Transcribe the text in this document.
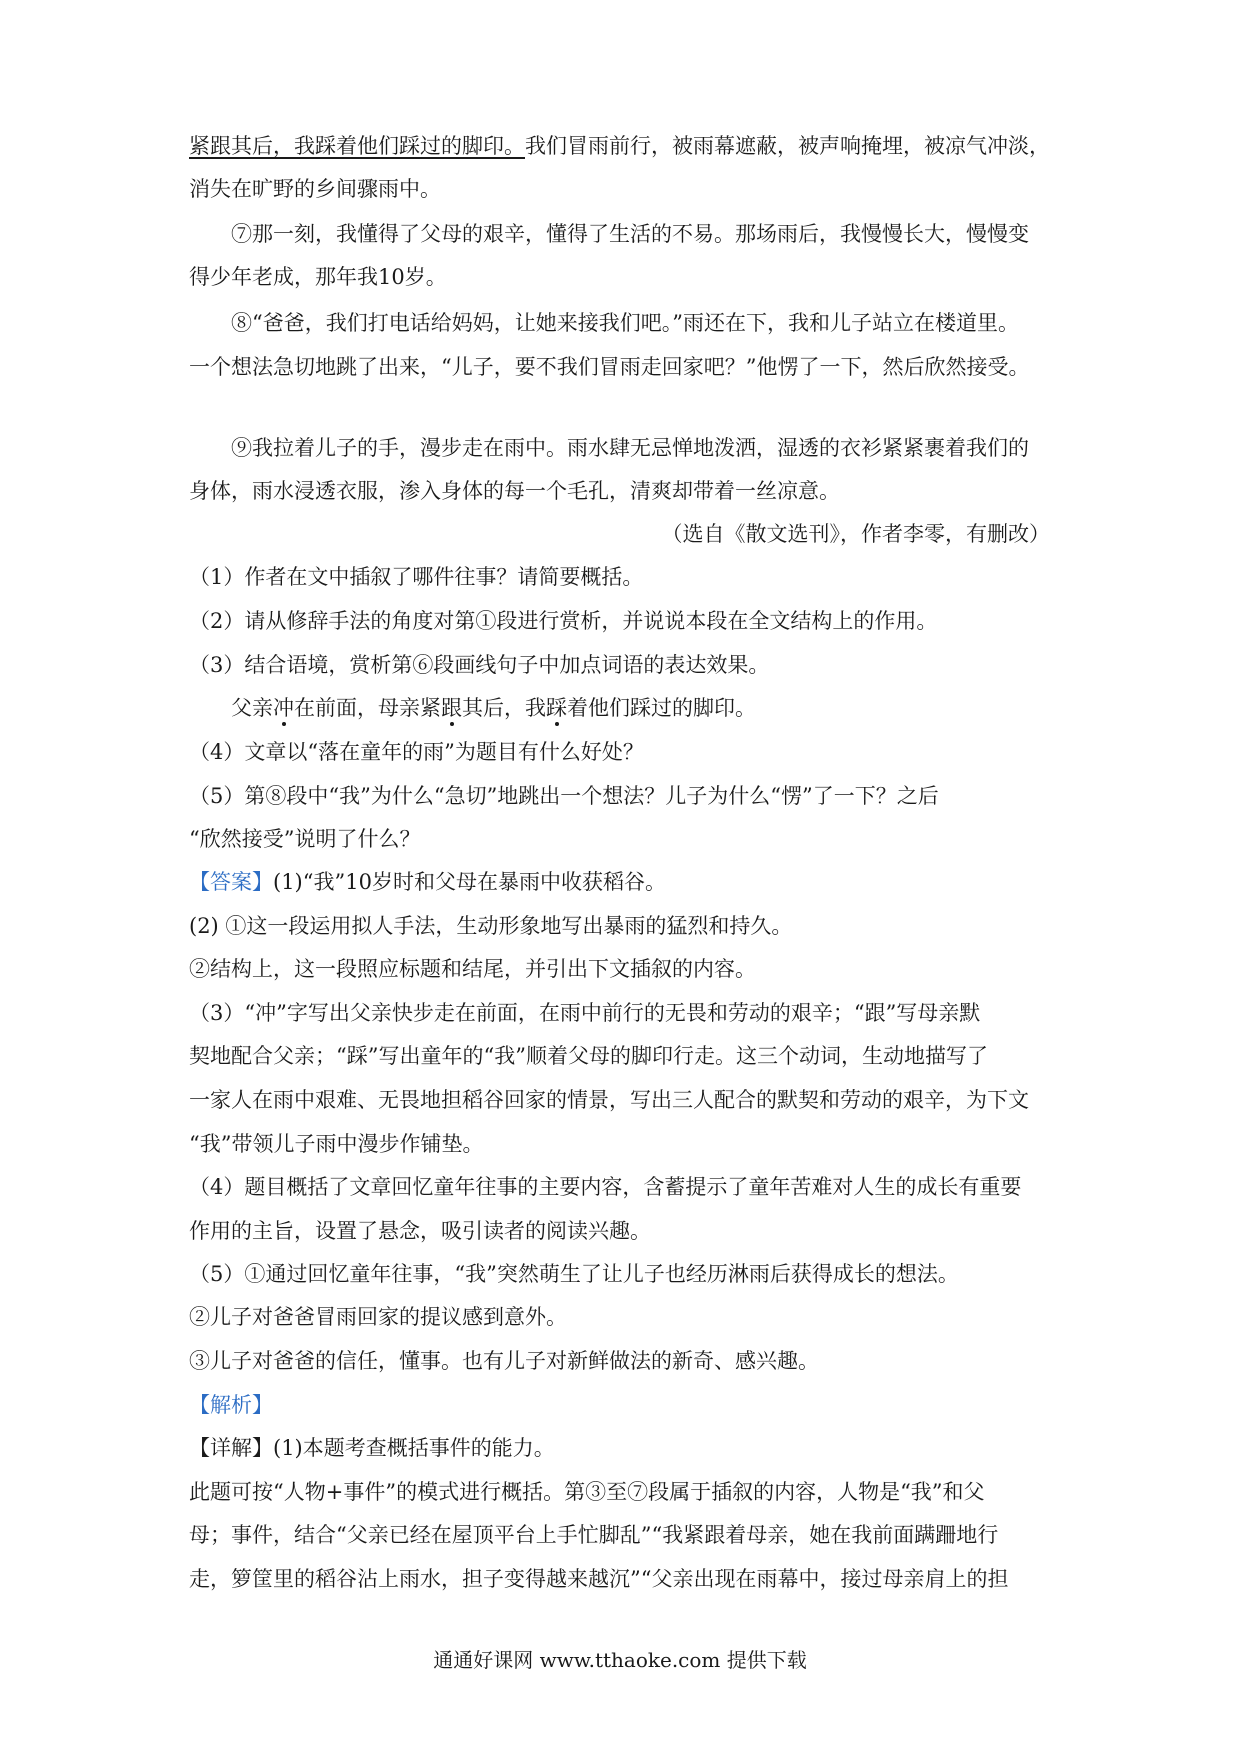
紧跟其后，我踩着他们踩过的脚印。我们冒雨前行，被雨幕遮蔽，被声响掩埋，被凉气冲淡，
消失在旷野的乡间骤雨中。
⑦那一刻，我懂得了父母的艰辛，懂得了生活的不易。那场雨后，我慢慢长大，慢慢变
得少年老成，那年我10岁。
⑧“爸爸，我们打电话给妈妈，让她来接我们吧。”雨还在下，我和儿子站立在楼道里。
一个想法急切地跳了出来，“儿子，要不我们冒雨走回家吧？”他愣了一下，然后欣然接受。
⑨我拉着儿子的手，漫步走在雨中。雨水肆无忌惮地泼洒，湿透的衣衫紧紧裹着我们的
身体，雨水浸透衣服，渗入身体的每一个毛孔，清爽却带着一丝凉意。
（选自《散文选刊》，作者李零，有删改）
（1）作者在文中插叙了哪件往事？请简要概括。
（2）请从修辞手法的角度对第①段进行赏析，并说说本段在全文结构上的作用。
（3）结合语境，赏析第⑥段画线句子中加点词语的表达效果。
父亲冲在前面，母亲紧跟其后，我踩着他们踩过的脚印。
（4）文章以“落在童年的雨”为题目有什么好处？
（5）第⑧段中“我”为什么“急切”地跳出一个想法？儿子为什么“愣”了一下？之后
“欣然接受”说明了什么？
【答案】(1)“我”10岁时和父母在暴雨中收获稻谷。
(2) ①这一段运用拟人手法，生动形象地写出暴雨的猛烈和持久。
②结构上，这一段照应标题和结尾，并引出下文插叙的内容。
（3）“冲”字写出父亲快步走在前面，在雨中前行的无畏和劳动的艰辛；“跟”写母亲默
契地配合父亲；“踩”写出童年的“我”顺着父母的脚印行走。这三个动词，生动地描写了
一家人在雨中艰难、无畏地担稻谷回家的情景，写出三人配合的默契和劳动的艰辛，为下文
“我”带领儿子雨中漫步作铺垫。
（4）题目概括了文章回忆童年往事的主要内容，含蓄提示了童年苦难对人生的成长有重要
作用的主旨，设置了悬念，吸引读者的阅读兴趣。
（5）①通过回忆童年往事，“我”突然萌生了让儿子也经历淋雨后获得成长的想法。
②儿子对爸爸冒雨回家的提议感到意外。
③儿子对爸爸的信任，懂事。也有儿子对新鲜做法的新奇、感兴趣。
【解析】
【详解】(1)本题考查概括事件的能力。
此题可按“人物+事件”的模式进行概括。第③至⑦段属于插叙的内容，人物是“我”和父
母；事件，结合“父亲已经在屋顶平台上手忙脚乱”“我紧跟着母亲，她在我前面蹒跚地行
走，箩筐里的稻谷沾上雨水，担子变得越来越沉”“父亲出现在雨幕中，接过母亲肩上的担
通通好课网 www.tthaoke.com 提供下载
